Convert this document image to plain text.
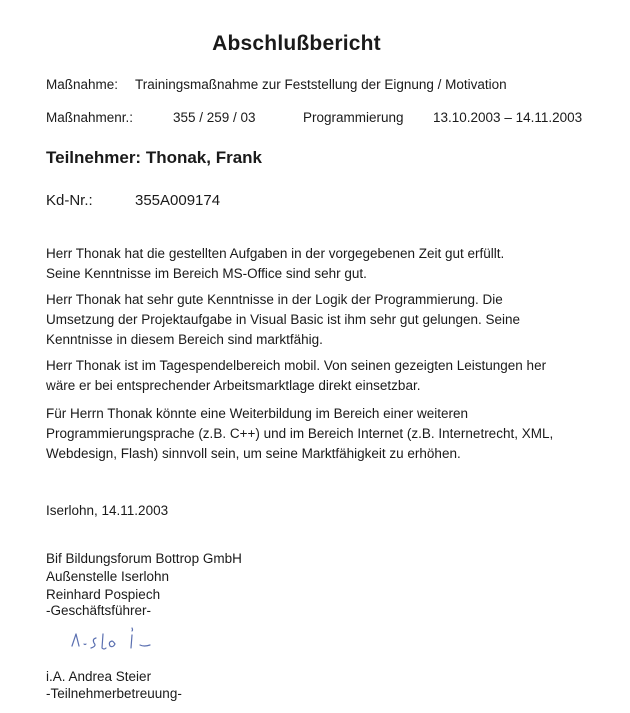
Abschlußbericht
Maßnahme: Trainingsmaßnahme zur Feststellung der Eignung / Motivation
Maßnahmenr.:	355 / 259 / 03	Programmierung 13.10.2003 – 14.11.2003
Teilnehmer: Thonak, Frank
Kd-Nr.:	355A009174
Herr Thonak hat die gestellten Aufgaben in der vorgegebenen Zeit gut erfüllt.
Seine Kenntnisse im Bereich MS-Office sind sehr gut.
Herr Thonak hat sehr gute Kenntnisse in der Logik der Programmierung. Die
Umsetzung der Projektaufgabe in Visual Basic ist ihm sehr gut gelungen. Seine
Kenntnisse in diesem Bereich sind marktfähig.
Herr Thonak ist im Tagespendelbereich mobil. Von seinen gezeigten Leistungen her
wäre er bei entsprechender Arbeitsmarktlage direkt einsetzbar.
Für Herrn Thonak könnte eine Weiterbildung im Bereich einer weiteren
Programmierungsprache (z.B. C++) und im Bereich Internet (z.B. Internetrecht, XML,
Webdesign, Flash) sinnvoll sein, um seine Marktfähigkeit zu erhöhen.
Iserlohn, 14.11.2003
Bif Bildungsforum Bottrop GmbH
Außenstelle Iserlohn
Reinhard Pospiech
-Geschäftsführer-
i.A. Andrea Steier
-Teilnehmerbetreuung-
